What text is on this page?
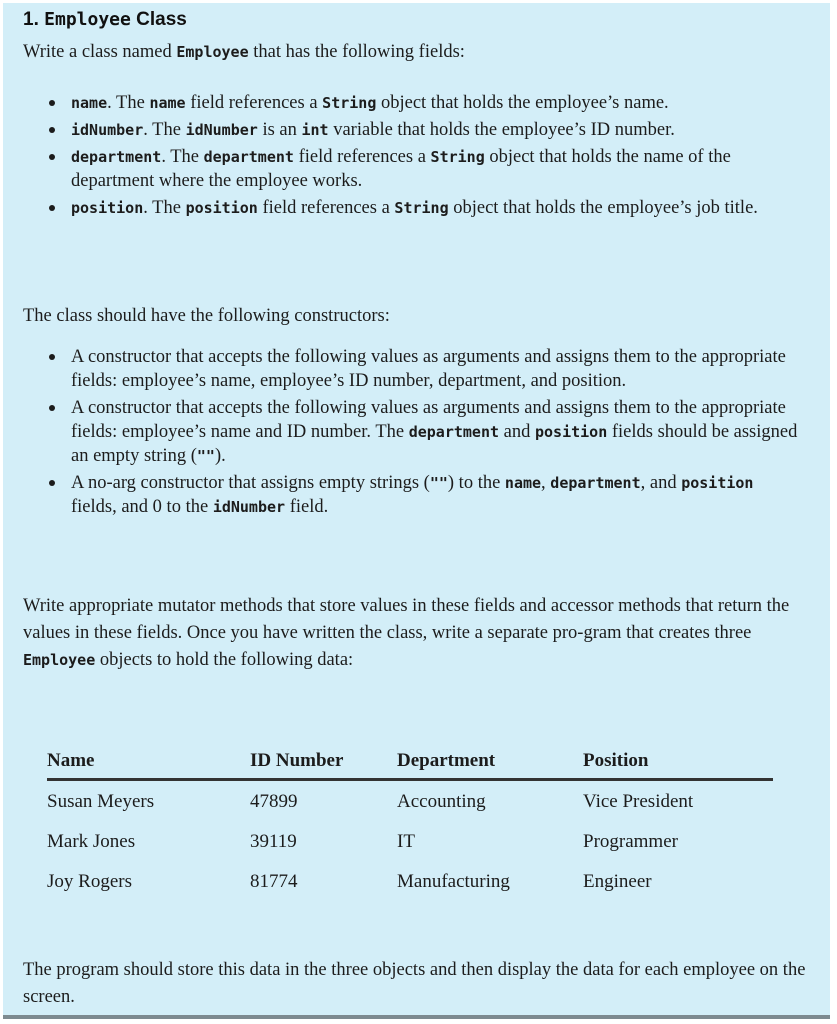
1. Employee Class
Write a class named Employee that has the following fields:
name. The name field references a String object that holds the employee’s name.
idNumber. The idNumber is an int variable that holds the employee’s ID number.
department. The department field references a String object that holds the name of the department where the employee works.
position. The position field references a String object that holds the employee’s job title.
The class should have the following constructors:
A constructor that accepts the following values as arguments and assigns them to the appropriate fields: employee’s name, employee’s ID number, department, and position.
A constructor that accepts the following values as arguments and assigns them to the appropriate fields: employee’s name and ID number. The department and position fields should be assigned an empty string ("").
A no-arg constructor that assigns empty strings ("") to the name, department, and position fields, and 0 to the idNumber field.
Write appropriate mutator methods that store values in these fields and accessor methods that return the values in these fields. Once you have written the class, write a separate pro-gram that creates three Employee objects to hold the following data:
Name	ID Number	Department	Position
Susan Meyers	47899	Accounting	Vice President
Mark Jones	39119	IT	Programmer
Joy Rogers	81774	Manufacturing	Engineer
The program should store this data in the three objects and then display the data for each employee on the screen.
